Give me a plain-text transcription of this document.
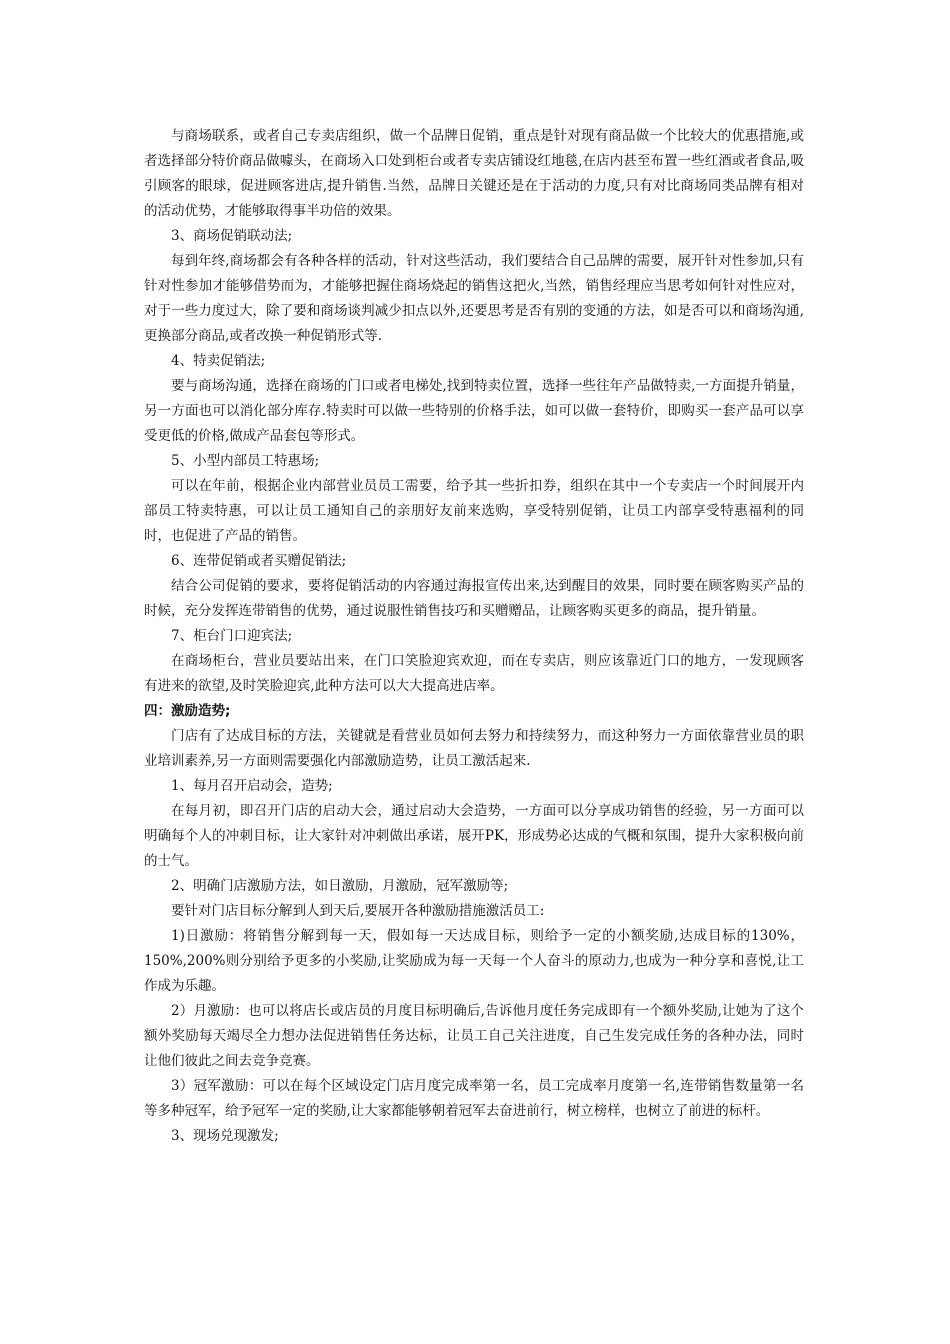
与商场联系，或者自己专卖店组织，做一个品牌日促销，重点是针对现有商品做一个比较大的优惠措施,或者选择部分特价商品做噱头，在商场入口处到柜台或者专卖店铺设红地毯,在店内甚至布置一些红酒或者食品,吸引顾客的眼球，促进顾客进店,提升销售.当然，品牌日关键还是在于活动的力度,只有对比商场同类品牌有相对的活动优势，才能够取得事半功倍的效果。

3、商场促销联动法;

每到年终,商场都会有各种各样的活动，针对这些活动，我们要结合自己品牌的需要，展开针对性参加,只有针对性参加才能够借势而为，才能够把握住商场烧起的销售这把火,当然，销售经理应当思考如何针对性应对，对于一些力度过大，除了要和商场谈判减少扣点以外,还要思考是否有别的变通的方法，如是否可以和商场沟通,更换部分商品,或者改换一种促销形式等.

4、特卖促销法;

要与商场沟通，选择在商场的门口或者电梯处,找到特卖位置，选择一些往年产品做特卖,一方面提升销量，另一方面也可以消化部分库存.特卖时可以做一些特别的价格手法，如可以做一套特价，即购买一套产品可以享受更低的价格,做成产品套包等形式。

5、小型内部员工特惠场;

可以在年前，根据企业内部营业员员工需要，给予其一些折扣券，组织在其中一个专卖店一个时间展开内部员工特卖特惠，可以让员工通知自己的亲朋好友前来选购，享受特别促销，让员工内部享受特惠福利的同时，也促进了产品的销售。

6、连带促销或者买赠促销法;

结合公司促销的要求，要将促销活动的内容通过海报宣传出来,达到醒目的效果，同时要在顾客购买产品的时候，充分发挥连带销售的优势，通过说服性销售技巧和买赠赠品，让顾客购买更多的商品，提升销量。

7、柜台门口迎宾法;

在商场柜台，营业员要站出来，在门口笑脸迎宾欢迎，而在专卖店，则应该靠近门口的地方，一发现顾客有进来的欲望,及时笑脸迎宾,此种方法可以大大提高进店率。

四：激励造势;

门店有了达成目标的方法，关键就是看营业员如何去努力和持续努力，而这种努力一方面依靠营业员的职业培训素养,另一方面则需要强化内部激励造势，让员工激活起来.

1、每月召开启动会，造势;

在每月初，即召开门店的启动大会，通过启动大会造势，一方面可以分享成功销售的经验，另一方面可以明确每个人的冲刺目标，让大家针对冲刺做出承诺，展开PK，形成势必达成的气概和氛围，提升大家积极向前的士气。

2、明确门店激励方法，如日激励，月激励，冠军激励等;

要针对门店目标分解到人到天后,要展开各种激励措施激活员工:

1)日激励：将销售分解到每一天，假如每一天达成目标，则给予一定的小额奖励,达成目标的130%，150%,200%则分别给予更多的小奖励,让奖励成为每一天每一个人奋斗的原动力,也成为一种分享和喜悦,让工作成为乐趣。

2）月激励：也可以将店长或店员的月度目标明确后,告诉他月度任务完成即有一个额外奖励,让她为了这个额外奖励每天竭尽全力想办法促进销售任务达标，让员工自己关注进度，自己生发完成任务的各种办法，同时让他们彼此之间去竞争竞赛。

3）冠军激励：可以在每个区域设定门店月度完成率第一名，员工完成率月度第一名,连带销售数量第一名等多种冠军，给予冠军一定的奖励,让大家都能够朝着冠军去奋进前行，树立榜样，也树立了前进的标杆。

3、现场兑现激发;
